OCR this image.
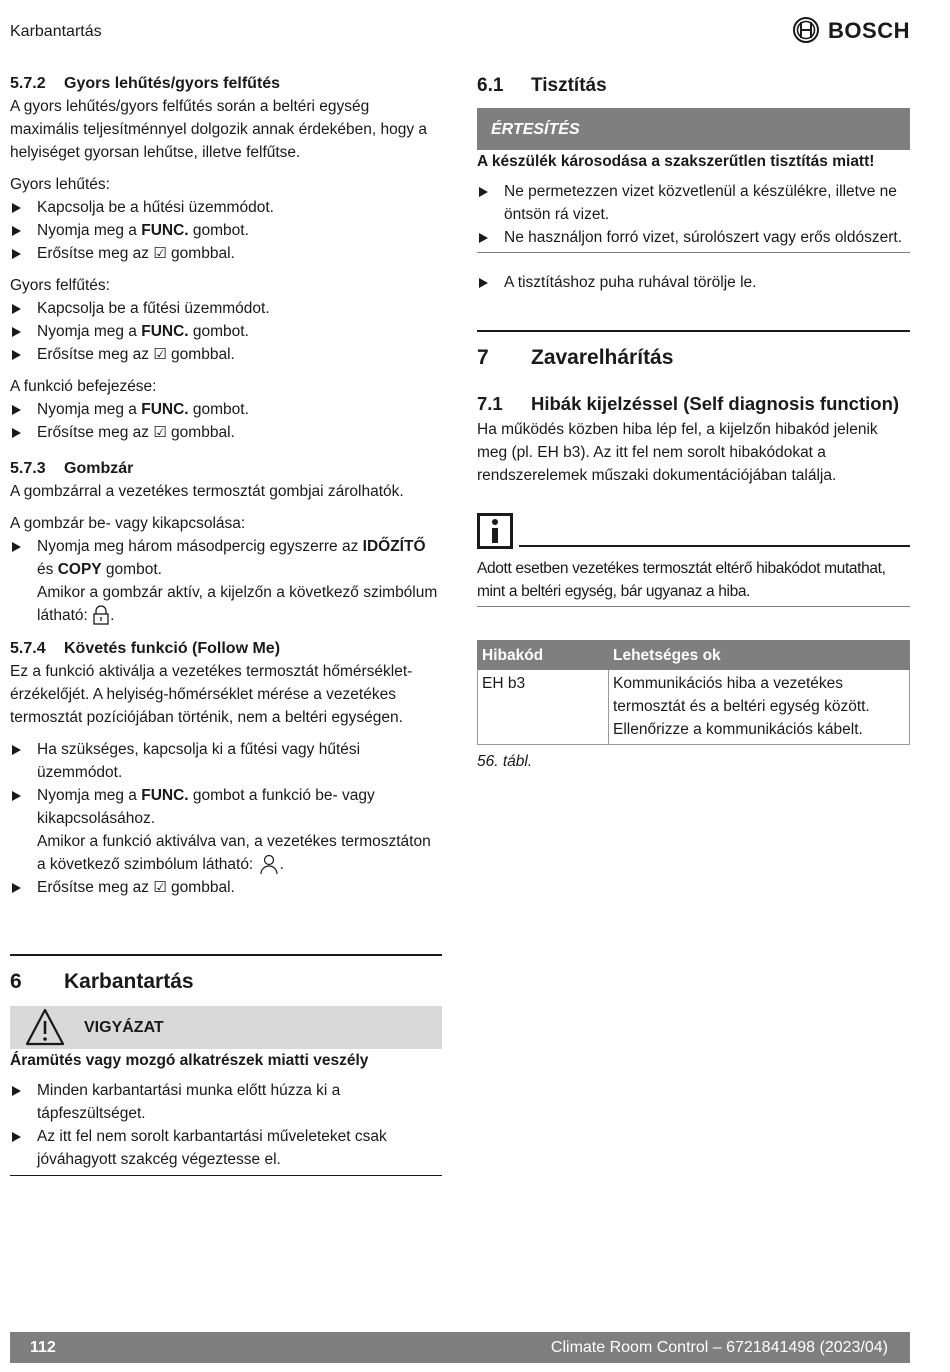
Karbantartás	BOSCH
5.7.2 Gyors lehűtés/gyors felfűtés

A gyors lehűtés/gyors felfűtés során a beltéri egység maximális teljesítménnyel dolgozik annak érdekében, hogy a helyiséget gyorsan lehűtse, illetve felfűtse.

Gyors lehűtés:

Kapcsolja be a hűtési üzemmódot.
Nyomja meg a FUNC. gombot.
Erősítse meg az ☑ gombbal.

Gyors felfűtés:

Kapcsolja be a fűtési üzemmódot.
Nyomja meg a FUNC. gombot.
Erősítse meg az ☑ gombbal.

A funkció befejezése:

Nyomja meg a FUNC. gombot.
Erősítse meg az ☑ gombbal.
5.7.3 Gombzár

A gombzárral a vezetékes termosztát gombjai zárolhatók.

A gombzár be- vagy kikapcsolása:

Nyomja meg három másodpercig egyszerre az IDŐZÍTŐ és COPY gombot.
Amikor a gombzár aktív, a kijelzőn a következő szimbólum látható: .
5.7.4 Követés funkció (Follow Me)

Ez a funkció aktiválja a vezetékes termosztát hőmérséklet-érzékelőjét. A helyiség-hőmérséklet mérése a vezetékes termosztát pozíciójában történik, nem a beltéri egységen.

Ha szükséges, kapcsolja ki a fűtési vagy hűtési üzemmódot.
Nyomja meg a FUNC. gombot a funkció be- vagy kikapcsolásához.
Amikor a funkció aktiválva van, a vezetékes termosztáton a következő szimbólum látható: .
Erősítse meg az ☑ gombbal.
6	Karbantartás
VIGYÁZAT

Áramütés vagy mozgó alkatrészek miatti veszély

Minden karbantartási munka előtt húzza ki a tápfeszültséget.
Az itt fel nem sorolt karbantartási műveleteket csak jóváhagyott szakcég végeztesse el.
6.1 Tisztítás
ÉRTESÍTÉS

A készülék károsodása a szakszerűtlen tisztítás miatt!

Ne permetezzen vizet közvetlenül a készülékre, illetve ne öntsön rá vizet.
Ne használjon forró vizet, súrolószert vagy erős oldószert.
A tisztításhoz puha ruhával törölje le.
7	Zavarelhárítás
7.1 Hibák kijelzéssel (Self diagnosis function)

Ha működés közben hiba lép fel, a kijelzőn hibakód jelenik meg (pl. EH b3). Az itt fel nem sorolt hibakódokat a rendszerelemek műszaki dokumentációjában találja.

Adott esetben vezetékes termosztát eltérő hibakódot mutathat, mint a beltéri egység, bár ugyanaz a hiba.

Hibakód	Lehetséges ok
EH b3	Kommunikációs hiba a vezetékes termosztát és a beltéri egység között. Ellenőrizze a kommunikációs kábelt.

56. tábl.

112	Climate Room Control – 6721841498 (2023/04)
